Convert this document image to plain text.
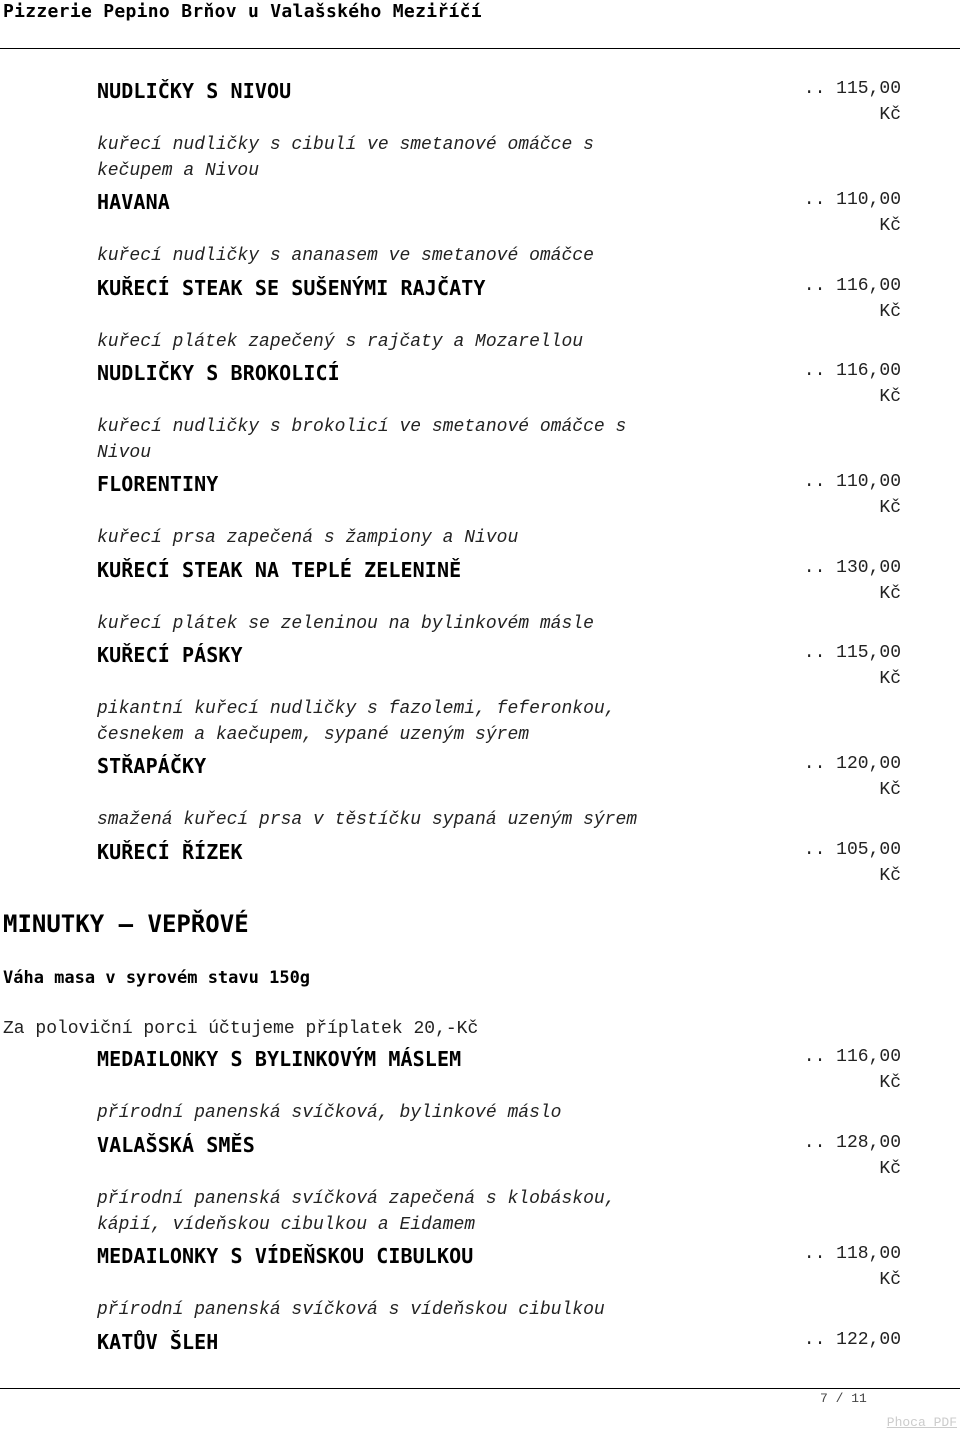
Pizzerie Pepino Brňov u Valašského Meziříčí
NUDLIČKY S NIVOU	.. 115,00
Kč
kuřecí nudličky s cibulí ve smetanové omáčce s
kečupem a Nivou
HAVANA	.. 110,00
Kč
kuřecí nudličky s ananasem ve smetanové omáčce
KUŘECÍ STEAK SE SUŠENÝMI RAJČATY	.. 116,00
Kč
kuřecí plátek zapečený s rajčaty a Mozarellou
NUDLIČKY S BROKOLICÍ	.. 116,00
Kč
kuřecí nudličky s brokolicí ve smetanové omáčce s
Nivou
FLORENTINY	.. 110,00
Kč
kuřecí prsa zapečená s žampiony a Nivou
KUŘECÍ STEAK NA TEPLÉ ZELENINĚ	.. 130,00
Kč
kuřecí plátek se zeleninou na bylinkovém másle
KUŘECÍ PÁSKY	.. 115,00
Kč
pikantní kuřecí nudličky s fazolemi, feferonkou,
česnekem a kaečupem, sypané uzeným sýrem
STŘAPÁČKY	.. 120,00
Kč
smažená kuřecí prsa v těstíčku sypaná uzeným sýrem
KUŘECÍ ŘÍZEK	.. 105,00
Kč
MEDAILONKY S BYLINKOVÝM MÁSLEM	.. 116,00
Kč
přírodní panenská svíčková, bylinkové máslo
VALAŠSKÁ SMĚS	.. 128,00
Kč
přírodní panenská svíčková zapečená s klobáskou,
kápií, vídeňskou cibulkou a Eidamem
MEDAILONKY S VÍDEŇSKOU CIBULKOU	.. 118,00
Kč
přírodní panenská svíčková s vídeňskou cibulkou
KATŮV ŠLEH	.. 122,00
MINUTKY – VEPŘOVÉ
Váha masa v syrovém stavu 150g
Za poloviční porci účtujeme příplatek 20,-Kč
7 / 11
Phoca PDF
